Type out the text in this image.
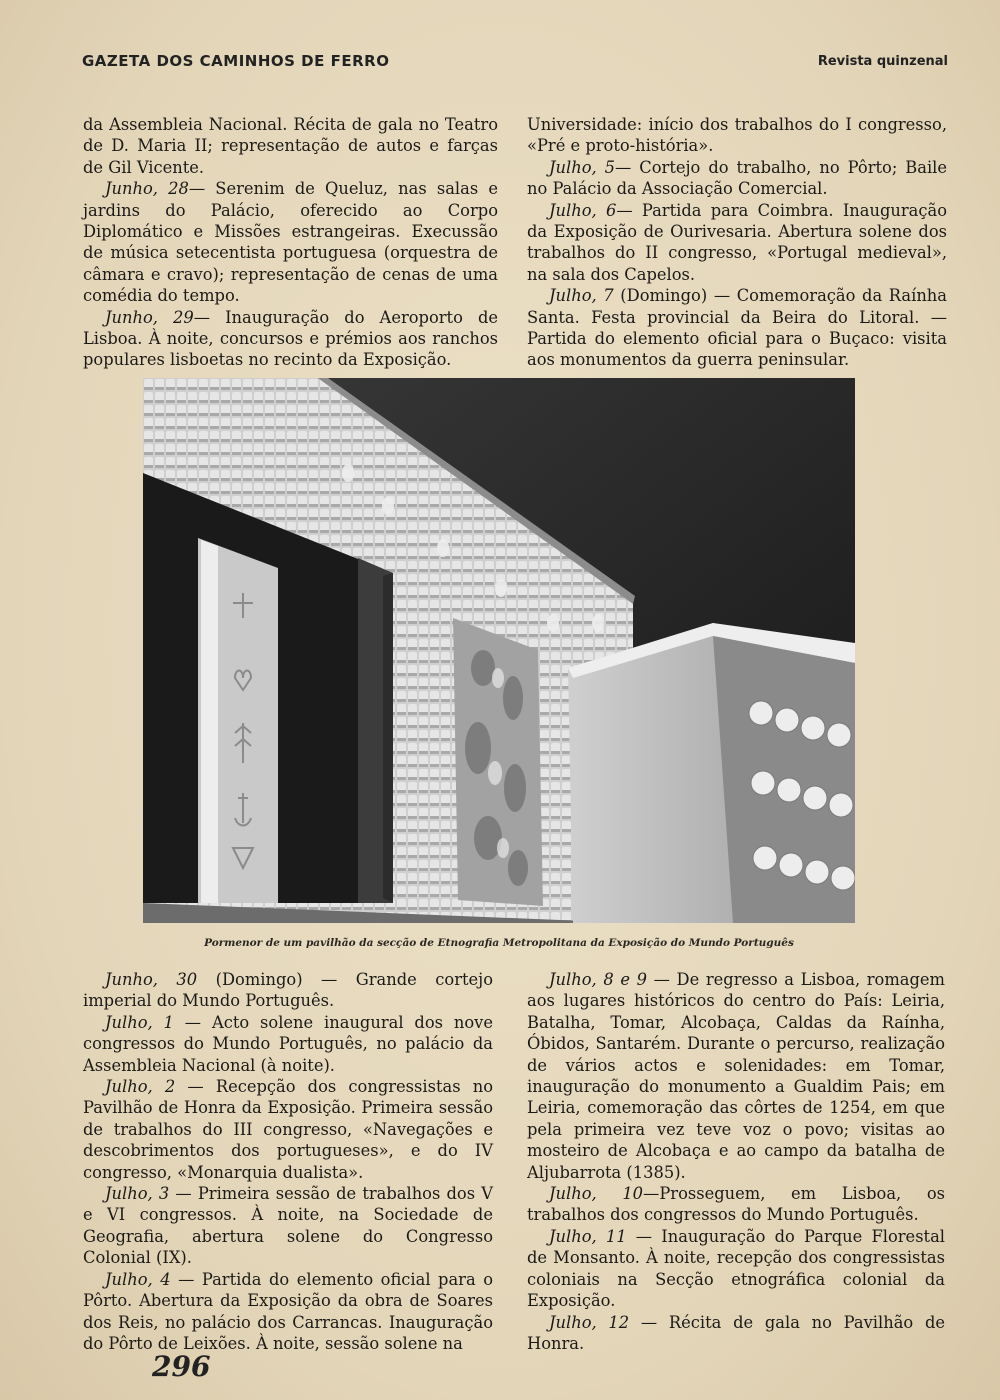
GAZETA DOS CAMINHOS DE FERRO	Revista quinzenal

da Assembleia Nacional. Récita de gala no Teatro de D. Maria II; representação de autos e farças de Gil Vicente.

Junho, 28— Serenim de Queluz, nas salas e jardins do Palácio, oferecido ao Corpo Diplomático e Missões estrangeiras. Execussão de música setecentista portuguesa (orquestra de câmara e cravo); representação de cenas de uma comédia do tempo.

Junho, 29— Inauguração do Aeroporto de Lisboa. À noite, concursos e prémios aos ranchos populares lisboetas no recinto da Exposição.

Universidade: início dos trabalhos do I congresso, «Pré e proto-história».

Julho, 5— Cortejo do trabalho, no Pôrto; Baile no Palácio da Associação Comercial.

Julho, 6— Partida para Coimbra. Inauguração da Exposição de Ourivesaria. Abertura solene dos trabalhos do II congresso, «Portugal medieval», na sala dos Capelos.

Julho, 7 (Domingo) — Comemoração da Raínha Santa. Festa provincial da Beira do Litoral. — Partida do elemento oficial para o Buçaco: visita aos monumentos da guerra peninsular.

Pormenor de um pavilhão da secção de Etnografia Metropolitana da Exposição do Mundo Português

Junho, 30 (Domingo) — Grande cortejo imperial do Mundo Português.

Julho, 1 — Acto solene inaugural dos nove congressos do Mundo Português, no palácio da Assembleia Nacional (à noite).

Julho, 2 — Recepção dos congressistas no Pavilhão de Honra da Exposição. Primeira sessão de trabalhos do III congresso, «Navegações e descobrimentos dos portugueses», e do IV congresso, «Monarquia dualista».

Julho, 3 — Primeira sessão de trabalhos dos V e VI congressos. À noite, na Sociedade de Geografia, abertura solene do Congresso Colonial (IX).

Julho, 4 — Partida do elemento oficial para o Pôrto. Abertura da Exposição da obra de Soares dos Reis, no palácio dos Carrancas. Inauguração do Pôrto de Leixões. À noite, sessão solene na

Julho, 8 e 9 — De regresso a Lisboa, romagem aos lugares históricos do centro do País: Leiria, Batalha, Tomar, Alcobaça, Caldas da Raínha, Óbidos, Santarém. Durante o percurso, realização de vários actos e solenidades: em Tomar, inauguração do monumento a Gualdim Pais; em Leiria, comemoração das côrtes de 1254, em que pela primeira vez teve voz o povo; visitas ao mosteiro de Alcobaça e ao campo da batalha de Aljubarrota (1385).

Julho, 10—Prosseguem, em Lisboa, os trabalhos dos congressos do Mundo Português.

Julho, 11 — Inauguração do Parque Florestal de Monsanto. À noite, recepção dos congressistas coloniais na Secção etnográfica colonial da Exposição.

Julho, 12 — Récita de gala no Pavilhão de Honra.

296
